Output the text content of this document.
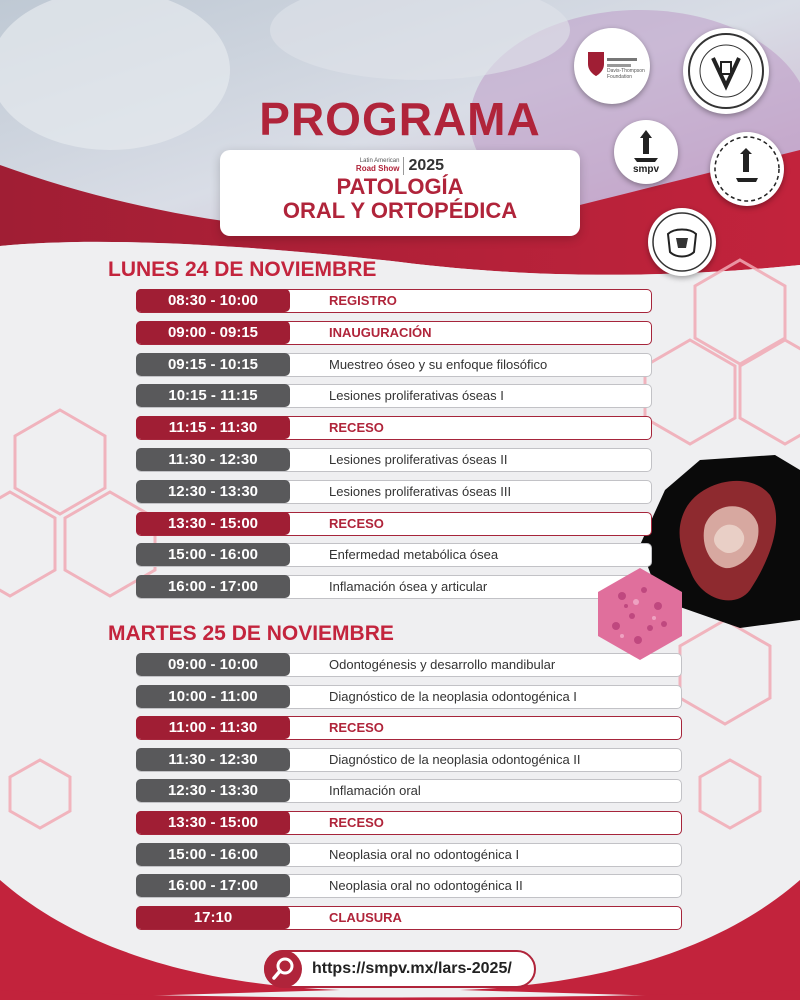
PROGRAMA
Latin American
Road Show 2025
PATOLOGÍA
ORAL Y ORTOPÉDICA
Davis-Thompson Foundation
smpv
LUNES 24 DE NOVIEMBRE
08:30 - 10:00	REGISTRO
09:00 - 09:15	INAUGURACIÓN
09:15 - 10:15	Muestreo óseo y su enfoque filosófico
10:15 - 11:15	Lesiones proliferativas óseas I
11:15 - 11:30	RECESO
11:30 - 12:30	Lesiones proliferativas óseas II
12:30 - 13:30	Lesiones proliferativas óseas III
13:30 - 15:00	RECESO
15:00 - 16:00	Enfermedad metabólica ósea
16:00 - 17:00	Inflamación ósea y articular
MARTES 25 DE NOVIEMBRE
09:00 - 10:00	Odontogénesis y desarrollo mandibular
10:00 - 11:00	Diagnóstico de la neoplasia odontogénica I
11:00 - 11:30	RECESO
11:30 - 12:30	Diagnóstico de la neoplasia odontogénica II
12:30 - 13:30	Inflamación oral
13:30 - 15:00	RECESO
15:00 - 16:00	Neoplasia oral no odontogénica I
16:00 - 17:00	Neoplasia oral no odontogénica II
17:10	CLAUSURA
https://smpv.mx/lars-2025/
